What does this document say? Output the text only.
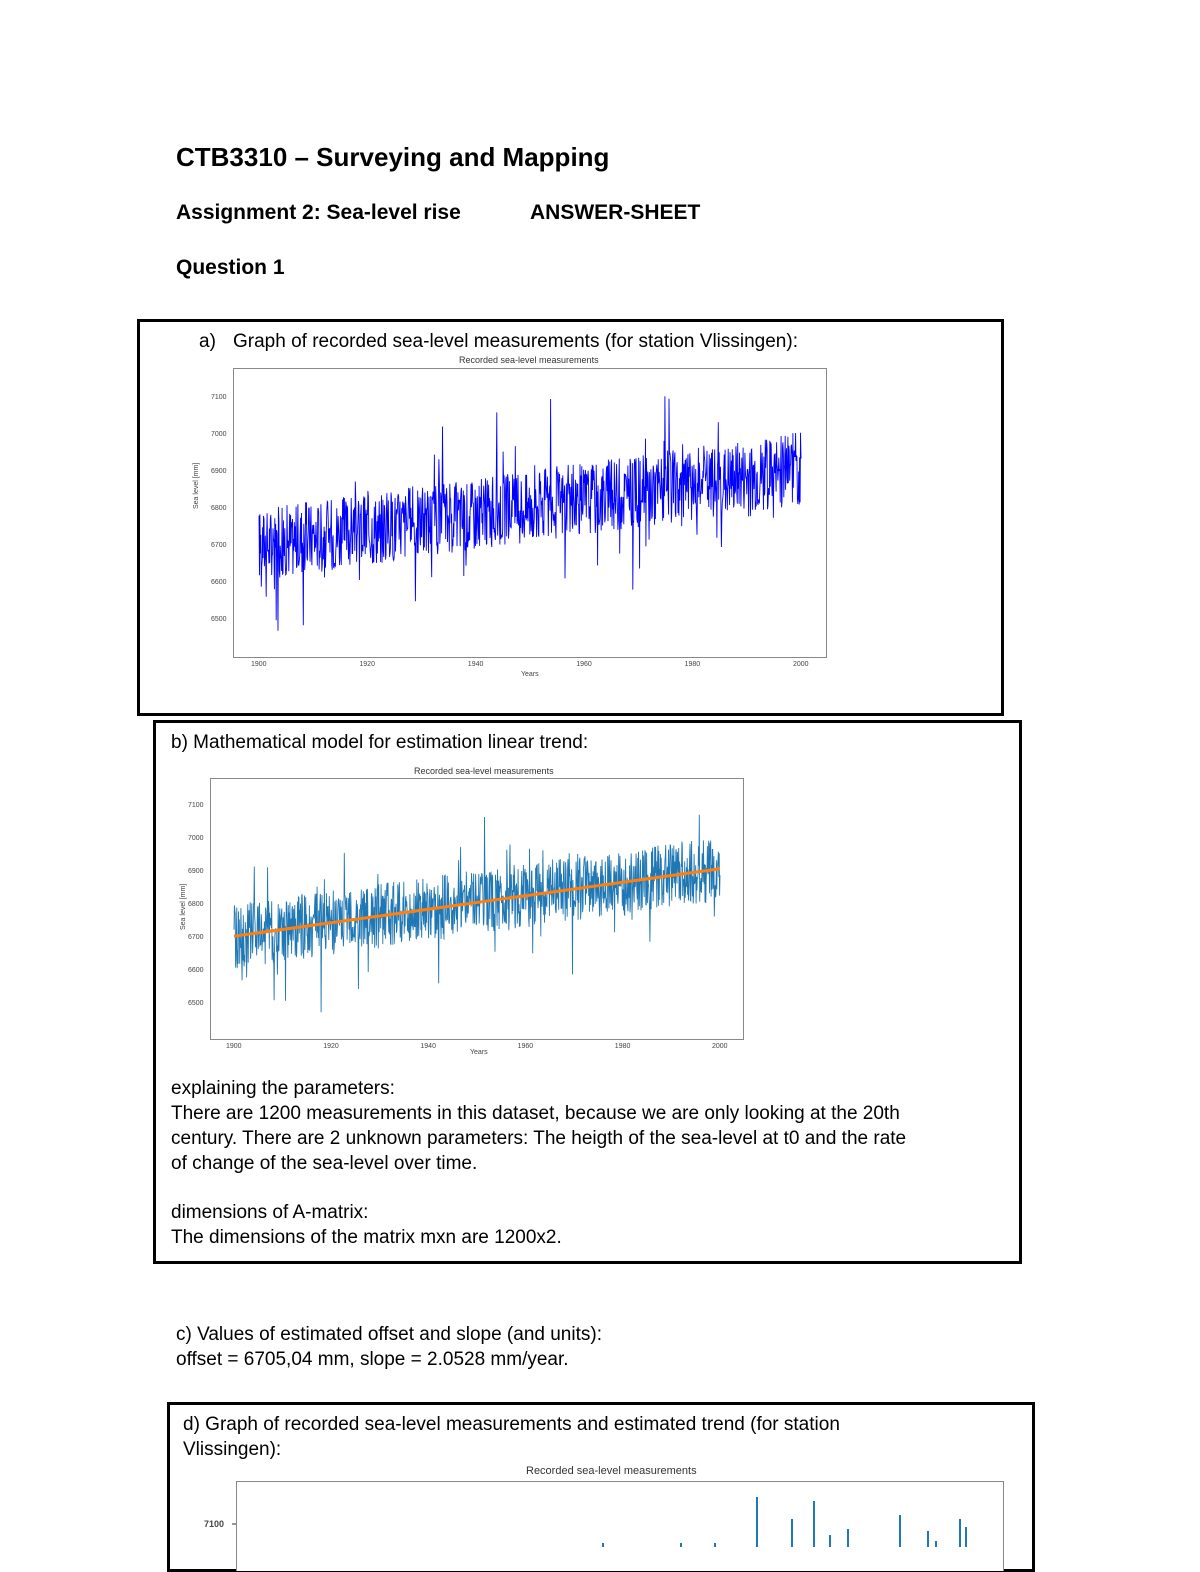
CTB3310 – Surveying and Mapping
Assignment 2: Sea-level rise	ANSWER-SHEET
Question 1
a) Graph of recorded sea-level measurements (for station Vlissingen):
Recorded sea-level measurements
Sea level [mm]
Years
1900	1920	1940	1960	1980	2000
6500
6600
6700
6800
6900
7000
7100
b) Mathematical model for estimation linear trend:
Recorded sea-level measurements
Sea level [mm]
Years
1900	1920	1940	1960	1980	2000
6500
6600
6700
6800
6900
7000
7100
explaining the parameters:
There are 1200 measurements in this dataset, because we are only looking at the 20th
century. There are 2 unknown parameters: The heigth of the sea-level at t0 and the rate
of change of the sea-level over time.
dimensions of A-matrix:
The dimensions of the matrix mxn are 1200x2.
c) Values of estimated offset and slope (and units):
offset = 6705,04 mm, slope = 2.0528 mm/year.
d) Graph of recorded sea-level measurements and estimated trend (for station
Vlissingen):
Recorded sea-level measurements
7100
